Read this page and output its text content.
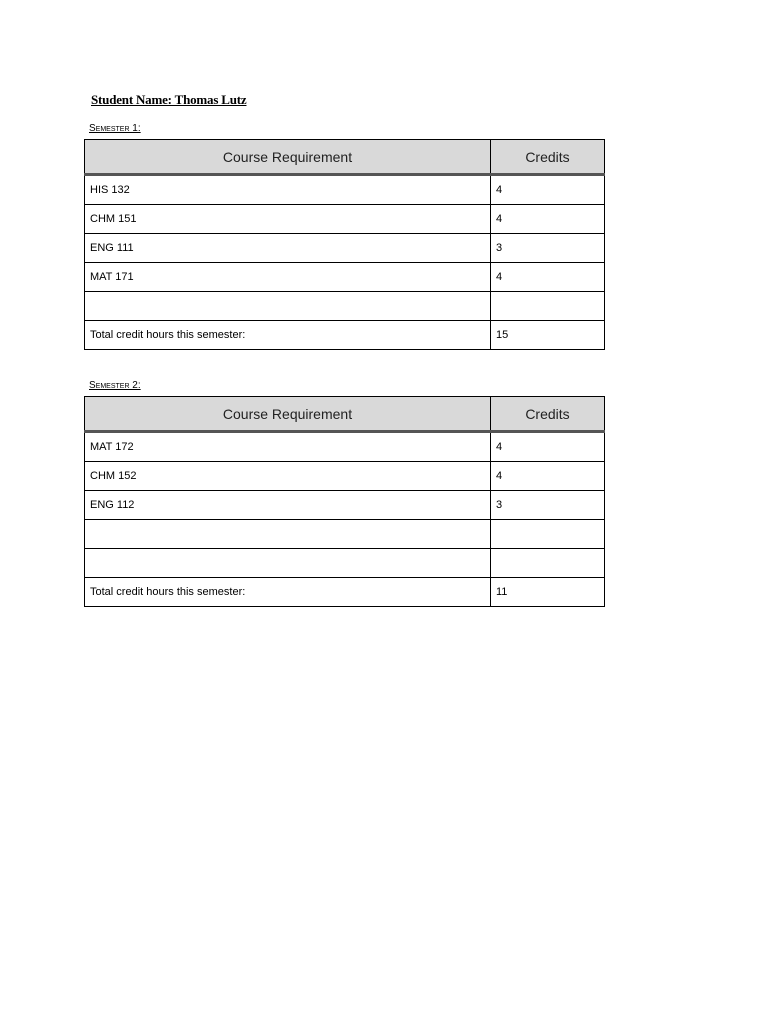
Student Name: Thomas Lutz
Semester 1:
Course Requirement	Credits
HIS 132	4
CHM 151	4
ENG 111	3
MAT 171	4

Total credit hours this semester:	15
Semester 2:
Course Requirement	Credits
MAT 172	4
CHM 152	4
ENG 112	3

Total credit hours this semester:	11
